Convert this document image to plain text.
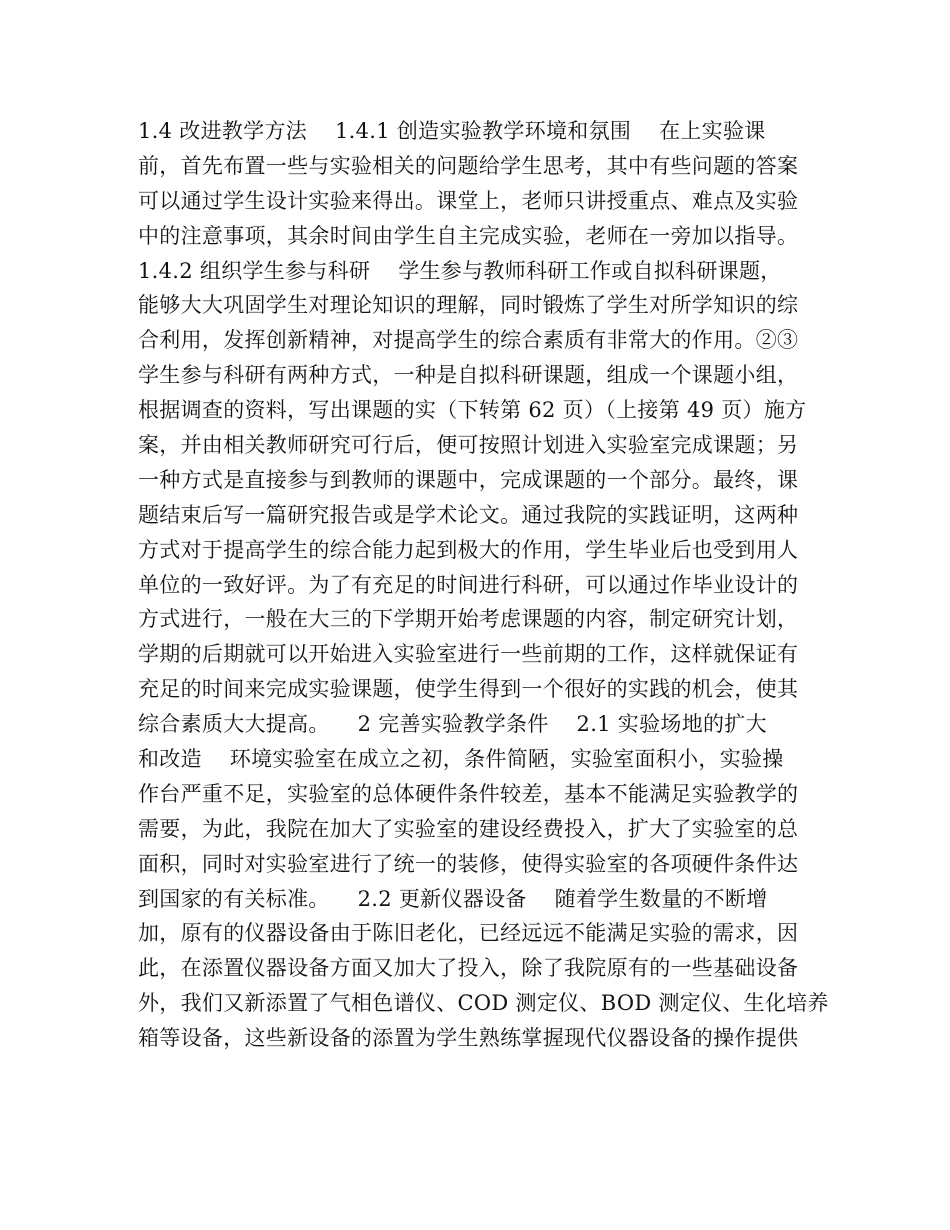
1.4 改进教学方法    1.4.1 创造实验教学环境和氛围    在上实验课
前，首先布置一些与实验相关的问题给学生思考，其中有些问题的答案
可以通过学生设计实验来得出。课堂上，老师只讲授重点、难点及实验
中的注意事项，其余时间由学生自主完成实验，老师在一旁加以指导。
1.4.2 组织学生参与科研    学生参与教师科研工作或自拟科研课题，
能够大大巩固学生对理论知识的理解，同时锻炼了学生对所学知识的综
合利用，发挥创新精神，对提高学生的综合素质有非常大的作用。②③
学生参与科研有两种方式，一种是自拟科研课题，组成一个课题小组，
根据调查的资料，写出课题的实（下转第 62 页）（上接第 49 页）施方
案，并由相关教师研究可行后，便可按照计划进入实验室完成课题；另
一种方式是直接参与到教师的课题中，完成课题的一个部分。最终，课
题结束后写一篇研究报告或是学术论文。通过我院的实践证明，这两种
方式对于提高学生的综合能力起到极大的作用，学生毕业后也受到用人
单位的一致好评。为了有充足的时间进行科研，可以通过作毕业设计的
方式进行，一般在大三的下学期开始考虑课题的内容，制定研究计划，
学期的后期就可以开始进入实验室进行一些前期的工作，这样就保证有
充足的时间来完成实验课题，使学生得到一个很好的实践的机会，使其
综合素质大大提高。    2 完善实验教学条件    2.1 实验场地的扩大
和改造    环境实验室在成立之初，条件简陋，实验室面积小，实验操
作台严重不足，实验室的总体硬件条件较差，基本不能满足实验教学的
需要，为此，我院在加大了实验室的建设经费投入，扩大了实验室的总
面积，同时对实验室进行了统一的装修，使得实验室的各项硬件条件达
到国家的有关标准。    2.2 更新仪器设备    随着学生数量的不断增
加，原有的仪器设备由于陈旧老化，已经远远不能满足实验的需求，因
此，在添置仪器设备方面又加大了投入，除了我院原有的一些基础设备
外，我们又新添置了气相色谱仪、COD 测定仪、BOD 测定仪、生化培养
箱等设备，这些新设备的添置为学生熟练掌握现代仪器设备的操作提供
